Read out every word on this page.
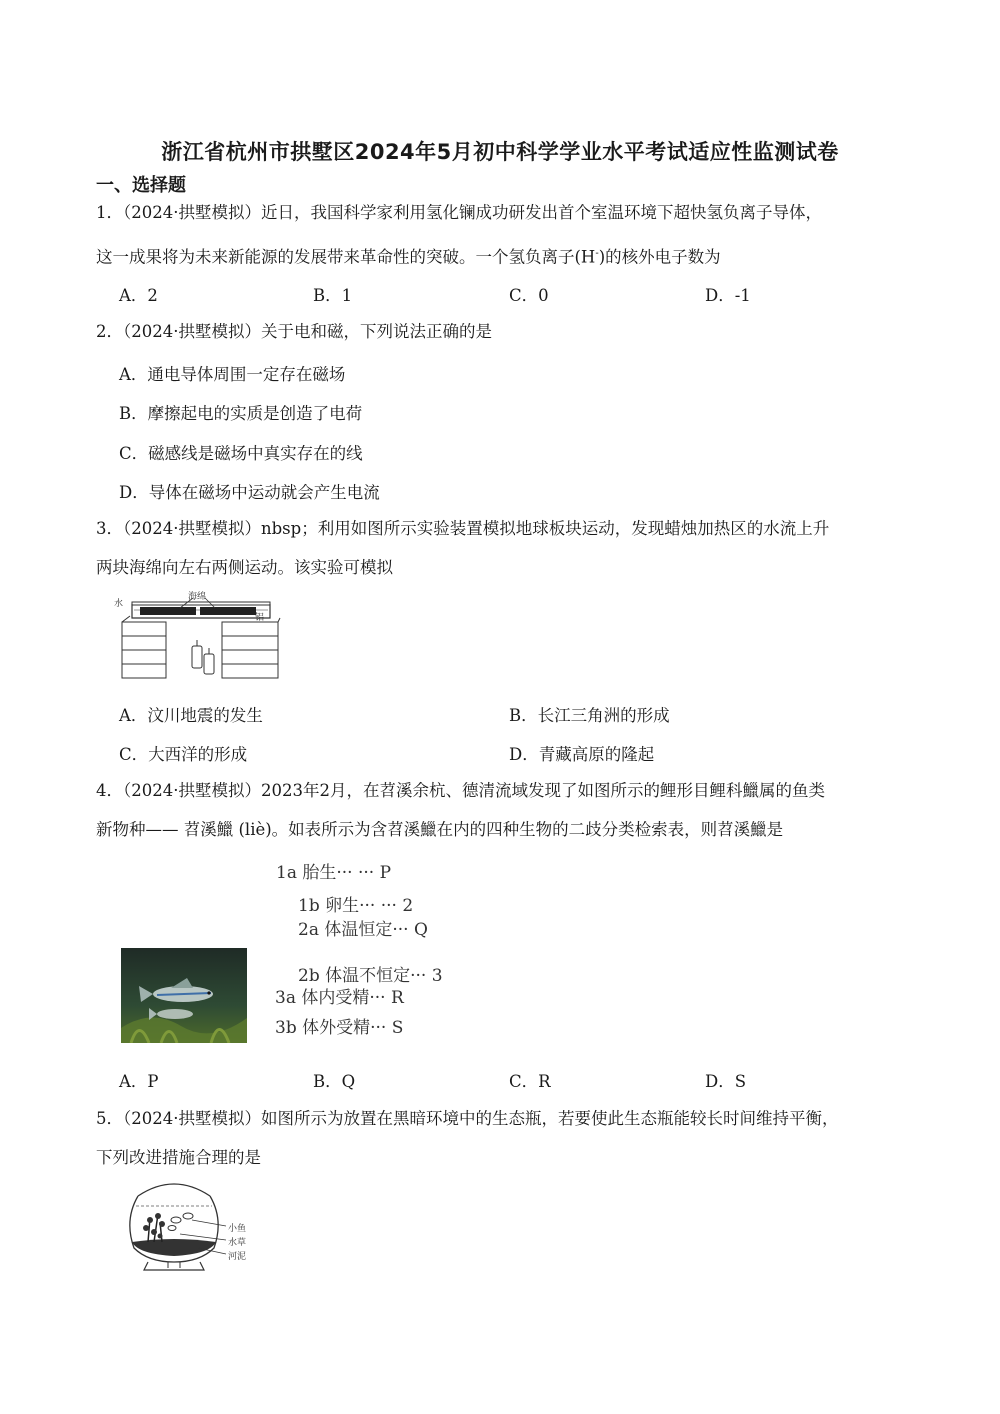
浙江省杭州市拱墅区2024年5月初中科学学业水平考试适应性监测试卷
一、选择题
1．（2024·拱墅模拟）近日，我国科学家利用氢化镧成功研发出首个室温环境下超快氢负离子导体，
这一成果将为未来新能源的发展带来革命性的突破。一个氢负离子(H-)的核外电子数为
A．2	B．1	C．0	D．-1
2．（2024·拱墅模拟）关于电和磁，下列说法正确的是
A．通电导体周围一定存在磁场
B．摩擦起电的实质是创造了电荷
C．磁感线是磁场中真实存在的线
D．导体在磁场中运动就会产生电流
3．（2024·拱墅模拟）nbsp；利用如图所示实验装置模拟地球板块运动，发现蜡烛加热区的水流上升
两块海绵向左右两侧运动。该实验可模拟
海绵
水
铝
A．汶川地震的发生	B．长江三角洲的形成
C．大西洋的形成	D．青藏高原的隆起
4．（2024·拱墅模拟）2023年2月，在苕溪余杭、德清流域发现了如图所示的鲤形目鲤科鱲属的鱼类
新物种—— 苕溪鱲 (liè)。如表所示为含苕溪鱲在内的四种生物的二歧分类检索表，则苕溪鱲是
1a 胎生··· ··· P
1b 卵生··· ··· 2
2a 体温恒定··· Q
2b 体温不恒定··· 3
3a 体内受精··· R
3b 体外受精··· S
A．P	B．Q	C．R	D．S
5．（2024·拱墅模拟）如图所示为放置在黑暗环境中的生态瓶，若要使此生态瓶能较长时间维持平衡，
下列改进措施合理的是
小鱼
水草
河泥
